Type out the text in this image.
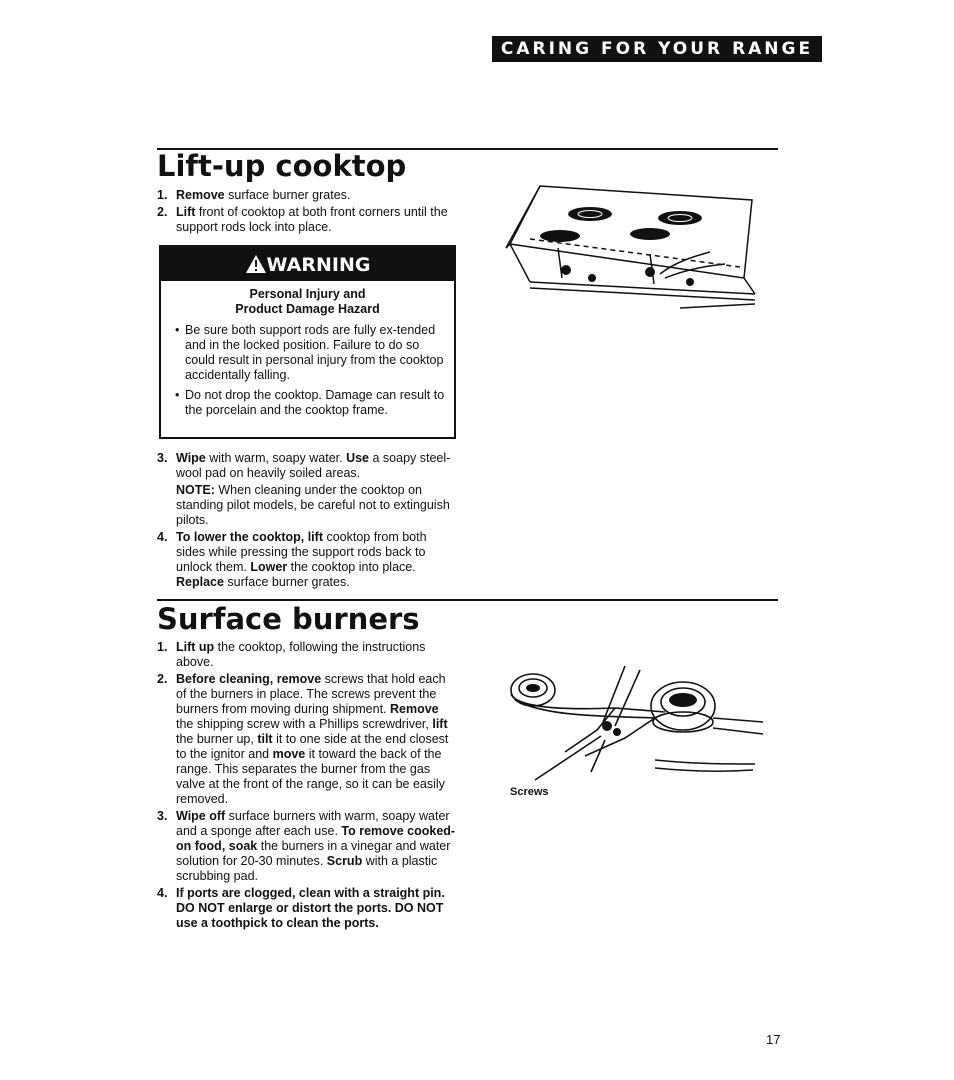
CARING FOR YOUR RANGE
Lift-up cooktop
1. Remove surface burner grates.
2. Lift front of cooktop at both front corners until the support rods lock into place.
WARNING
Personal Injury and
Product Damage Hazard
• Be sure both support rods are fully ex-tended and in the locked position. Failure to do so could result in personal injury from the cooktop accidentally falling.
• Do not drop the cooktop. Damage can result to the porcelain and the cooktop frame.
3. Wipe with warm, soapy water. Use a soapy steel-wool pad on heavily soiled areas.
NOTE: When cleaning under the cooktop on standing pilot models, be careful not to extinguish pilots.
4. To lower the cooktop, lift cooktop from both sides while pressing the support rods back to unlock them. Lower the cooktop into place. Replace surface burner grates.
Surface burners
1. Lift up the cooktop, following the instructions above.
2. Before cleaning, remove screws that hold each of the burners in place. The screws prevent the burners from moving during shipment. Remove the shipping screw with a Phillips screwdriver, lift the burner up, tilt it to one side at the end closest to the ignitor and move it toward the back of the range. This separates the burner from the gas valve at the front of the range, so it can be easily removed.
3. Wipe off surface burners with warm, soapy water and a sponge after each use. To remove cooked-on food, soak the burners in a vinegar and water solution for 20-30 minutes. Scrub with a plastic scrubbing pad.
4. If ports are clogged, clean with a straight pin. DO NOT enlarge or distort the ports. DO NOT use a toothpick to clean the ports.
Screws
17
